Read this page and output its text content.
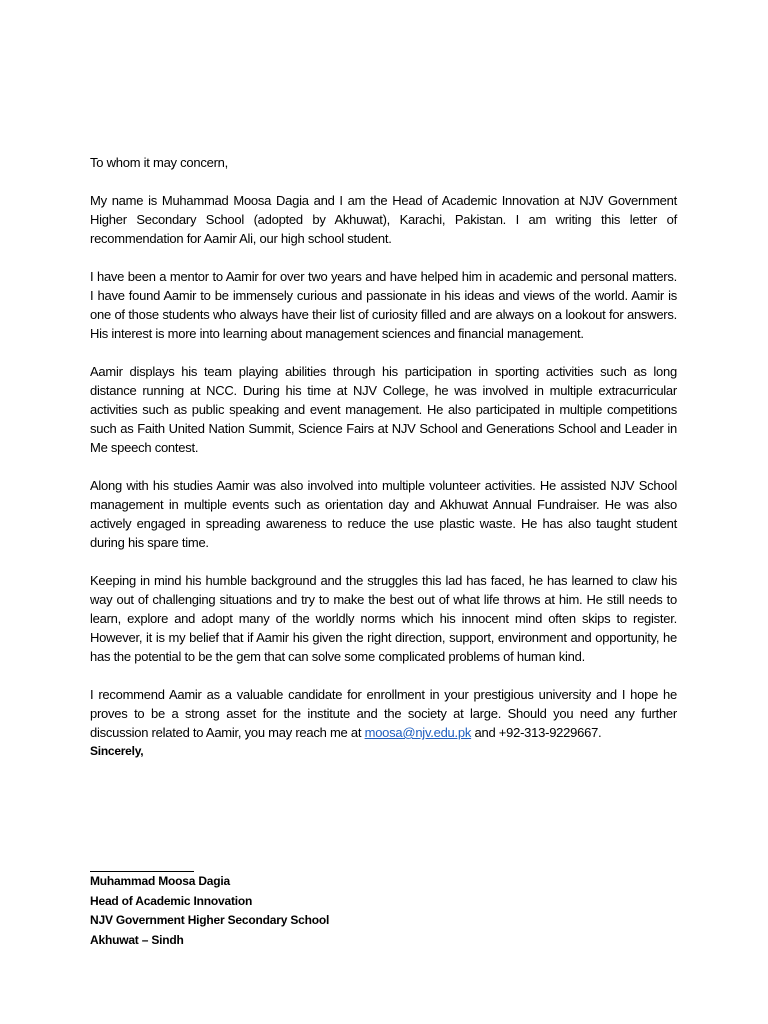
To whom it may concern,

My name is Muhammad Moosa Dagia and I am the Head of Academic Innovation at NJV Government Higher Secondary School (adopted by Akhuwat), Karachi, Pakistan. I am writing this letter of recommendation for Aamir Ali, our high school student.

I have been a mentor to Aamir for over two years and have helped him in academic and personal matters. I have found Aamir to be immensely curious and passionate in his ideas and views of the world. Aamir is one of those students who always have their list of curiosity filled and are always on a lookout for answers. His interest is more into learning about management sciences and financial management.

Aamir displays his team playing abilities through his participation in sporting activities such as long distance running at NCC. During his time at NJV College, he was involved in multiple extracurricular activities such as public speaking and event management. He also participated in multiple competitions such as Faith United Nation Summit, Science Fairs at NJV School and Generations School and Leader in Me speech contest.

Along with his studies Aamir was also involved into multiple volunteer activities. He assisted NJV School management in multiple events such as orientation day and Akhuwat Annual Fundraiser. He was also actively engaged in spreading awareness to reduce the use plastic waste. He has also taught student during his spare time.

Keeping in mind his humble background and the struggles this lad has faced, he has learned to claw his way out of challenging situations and try to make the best out of what life throws at him. He still needs to learn, explore and adopt many of the worldly norms which his innocent mind often skips to register. However, it is my belief that if Aamir his given the right direction, support, environment and opportunity, he has the potential to be the gem that can solve some complicated problems of human kind.

I recommend Aamir as a valuable candidate for enrollment in your prestigious university and I hope he proves to be a strong asset for the institute and the society at large. Should you need any further discussion related to Aamir, you may reach me at moosa@njv.edu.pk and +92-313-9229667.

Sincerely,

Muhammad Moosa Dagia
Head of Academic Innovation
NJV Government Higher Secondary School
Akhuwat – Sindh
